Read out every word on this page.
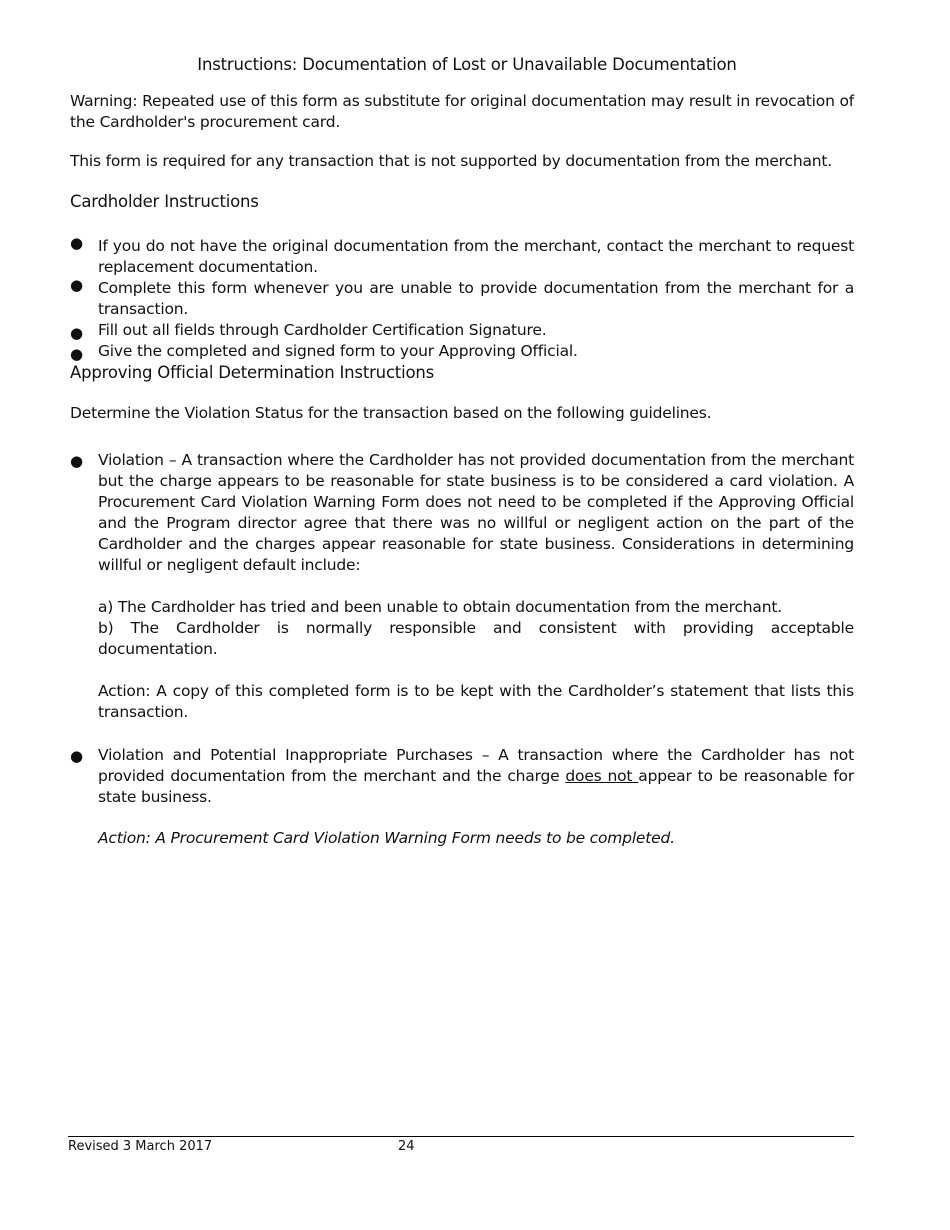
Instructions: Documentation of Lost or Unavailable Documentation

Warning: Repeated use of this form as substitute for original documentation may result in revocation of the Cardholder's procurement card.

This form is required for any transaction that is not supported by documentation from the merchant.

Cardholder Instructions
● If you do not have the original documentation from the merchant, contact the merchant to request replacement documentation.
● Complete this form whenever you are unable to provide documentation from the merchant for a transaction.
● Fill out all fields through Cardholder Certification Signature.
● Give the completed and signed form to your Approving Official.
Approving Official Determination Instructions

Determine the Violation Status for the transaction based on the following guidelines.

● Violation – A transaction where the Cardholder has not provided documentation from the merchant but the charge appears to be reasonable for state business is to be considered a card violation. A Procurement Card Violation Warning Form does not need to be completed if the Approving Official and the Program director agree that there was no willful or negligent action on the part of the Cardholder and the charges appear reasonable for state business. Considerations in determining willful or negligent default include:
a) The Cardholder has tried and been unable to obtain documentation from the merchant.
b) The Cardholder is normally responsible and consistent with providing acceptable documentation.
Action: A copy of this completed form is to be kept with the Cardholder’s statement that lists this transaction.
● Violation and Potential Inappropriate Purchases – A transaction where the Cardholder has not provided documentation from the merchant and the charge does not appear to be reasonable for state business.
Action: A Procurement Card Violation Warning Form needs to be completed.
Revised 3 March 2017	24
